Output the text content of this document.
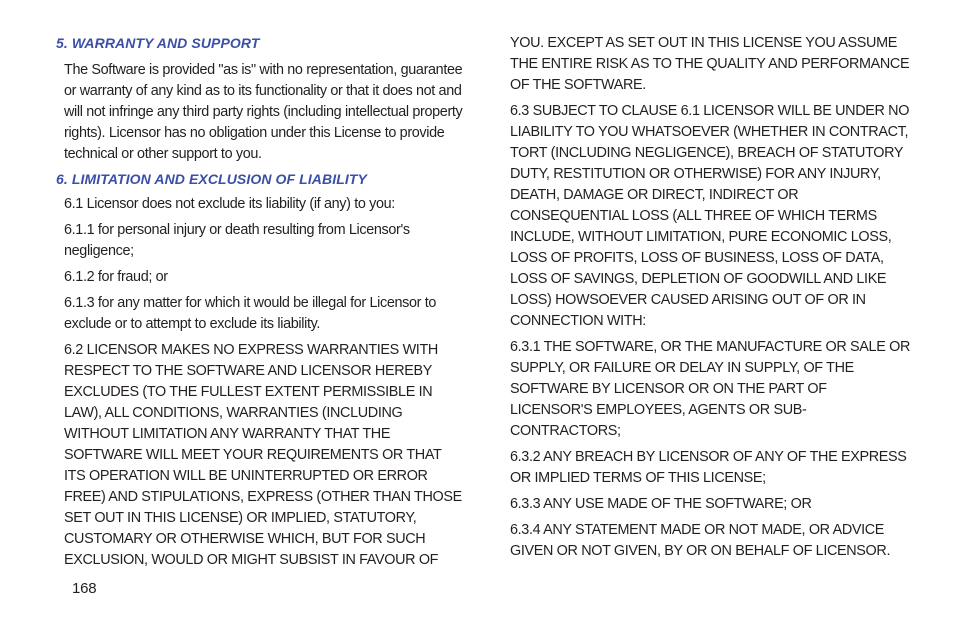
5. WARRANTY AND SUPPORT

The Software is provided "as is" with no representation, guarantee or warranty of any kind as to its functionality or that it does not and will not infringe any third party rights (including intellectual property rights). Licensor has no obligation under this License to provide technical or other support to you.

6. LIMITATION AND EXCLUSION OF LIABILITY

6.1 Licensor does not exclude its liability (if any) to you:

6.1.1 for personal injury or death resulting from Licensor's negligence;

6.1.2 for fraud; or

6.1.3 for any matter for which it would be illegal for Licensor to exclude or to attempt to exclude its liability.

6.2 LICENSOR MAKES NO EXPRESS WARRANTIES WITH RESPECT TO THE SOFTWARE AND LICENSOR HEREBY EXCLUDES (TO THE FULLEST EXTENT PERMISSIBLE IN LAW), ALL CONDITIONS, WARRANTIES (INCLUDING WITHOUT LIMITATION ANY WARRANTY THAT THE SOFTWARE WILL MEET YOUR REQUIREMENTS OR THAT ITS OPERATION WILL BE UNINTERRUPTED OR ERROR FREE) AND STIPULATIONS, EXPRESS (OTHER THAN THOSE SET OUT IN THIS LICENSE) OR IMPLIED, STATUTORY, CUSTOMARY OR OTHERWISE WHICH, BUT FOR SUCH EXCLUSION, WOULD OR MIGHT SUBSIST IN FAVOUR OF

YOU. EXCEPT AS SET OUT IN THIS LICENSE YOU ASSUME THE ENTIRE RISK AS TO THE QUALITY AND PERFORMANCE OF THE SOFTWARE.

6.3 SUBJECT TO CLAUSE 6.1 LICENSOR WILL BE UNDER NO LIABILITY TO YOU WHATSOEVER (WHETHER IN CONTRACT, TORT (INCLUDING NEGLIGENCE), BREACH OF STATUTORY DUTY, RESTITUTION OR OTHERWISE) FOR ANY INJURY, DEATH, DAMAGE OR DIRECT, INDIRECT OR CONSEQUENTIAL LOSS (ALL THREE OF WHICH TERMS INCLUDE, WITHOUT LIMITATION, PURE ECONOMIC LOSS, LOSS OF PROFITS, LOSS OF BUSINESS, LOSS OF DATA, LOSS OF SAVINGS, DEPLETION OF GOODWILL AND LIKE LOSS) HOWSOEVER CAUSED ARISING OUT OF OR IN CONNECTION WITH:

6.3.1 THE SOFTWARE, OR THE MANUFACTURE OR SALE OR SUPPLY, OR FAILURE OR DELAY IN SUPPLY, OF THE SOFTWARE BY LICENSOR OR ON THE PART OF LICENSOR'S EMPLOYEES, AGENTS OR SUB-CONTRACTORS;

6.3.2 ANY BREACH BY LICENSOR OF ANY OF THE EXPRESS OR IMPLIED TERMS OF THIS LICENSE;

6.3.3 ANY USE MADE OF THE SOFTWARE; OR

6.3.4 ANY STATEMENT MADE OR NOT MADE, OR ADVICE GIVEN OR NOT GIVEN, BY OR ON BEHALF OF LICENSOR.

168
